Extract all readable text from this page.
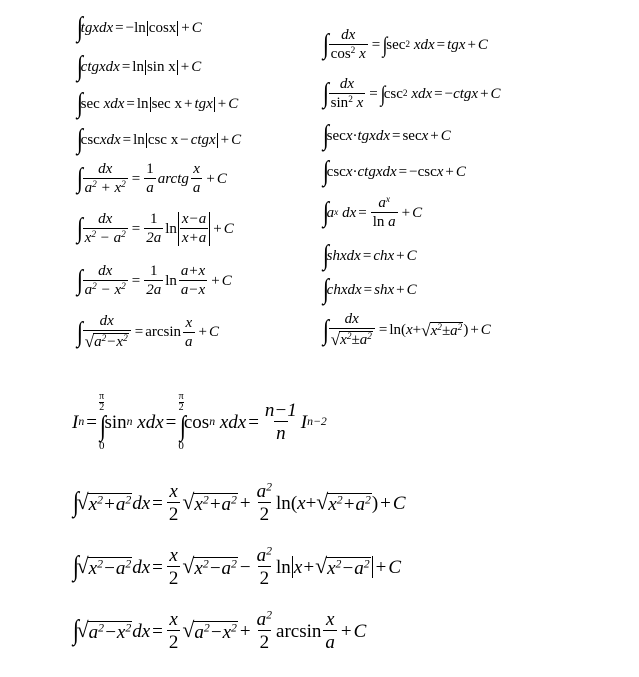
∫
tgx dx = − ln cosx + C
∫
ctgx dx = ln sin x + C
∫
sec
x dx = ln sec x + tgx + C
∫
csc x dx = ln csc x − ctgx + C
∫ $\frac{dx}{a^2 + x^2} = \frac{1}{a}$ arctg $\frac{x}{a} + C$
∫ $\frac{dx}{x^2 - a^2} = \frac{1}{2a}$ $\ln \frac{x-a}{x+a} + C$
∫ $\frac{dx}{a^2 - x^2} = \frac{1}{2a}$ $\ln \frac{a+x}{a-x} + C$
∫ $\frac{dx}{√ a^2-x^2} = \arcsin \frac{x}{a} + C$
∫ $\frac{dx}{\cos^2 x}$ = ∫
sec 2
xdx = tgx + C
∫ $\frac{dx}{\sin^2 x}$ = ∫
csc 2
xdx = − ctgx + C
∫
sec x · tgxdx = sec x + C
∫
csc x · ctgxdx = − csc x + C
∫
a x
dx = $\frac{a^x}{\text{ln a}} + C$
∫
shx dx = chx + C
∫
chx dx = shx + C
∫ $\frac{dx}{√ x^2\pm a^2} = \ln$ ( x + √ $x^2\pm a^2$ ) + C
I n =
$\frac{\pi}{2}$
∫
0
sin n
xdx =
$\frac{\pi}{2}$
∫
0
cos n
xdx = $\frac{n-1}{n}$ I n−2
∫
√ $x^2+a^2$ dx = $\frac{x}{2}$ √ $x^2+a^2 + \frac{a^2}{2}$ ln ( x + √ $x^2+a^2$ ) + C
∫
√ $x^2-a^2$ dx = $\frac{x}{2}$ √ $x^2-a^2 - \frac{a^2}{2}$ ln x+ √ $x^2-a^2 + C$
∫
√ $a^2-x^2$ dx = $\frac{x}{2}$ √ $a^2-x^2 + \frac{a^2}{2}$ $\arcsin \frac{x}{a} + C$
